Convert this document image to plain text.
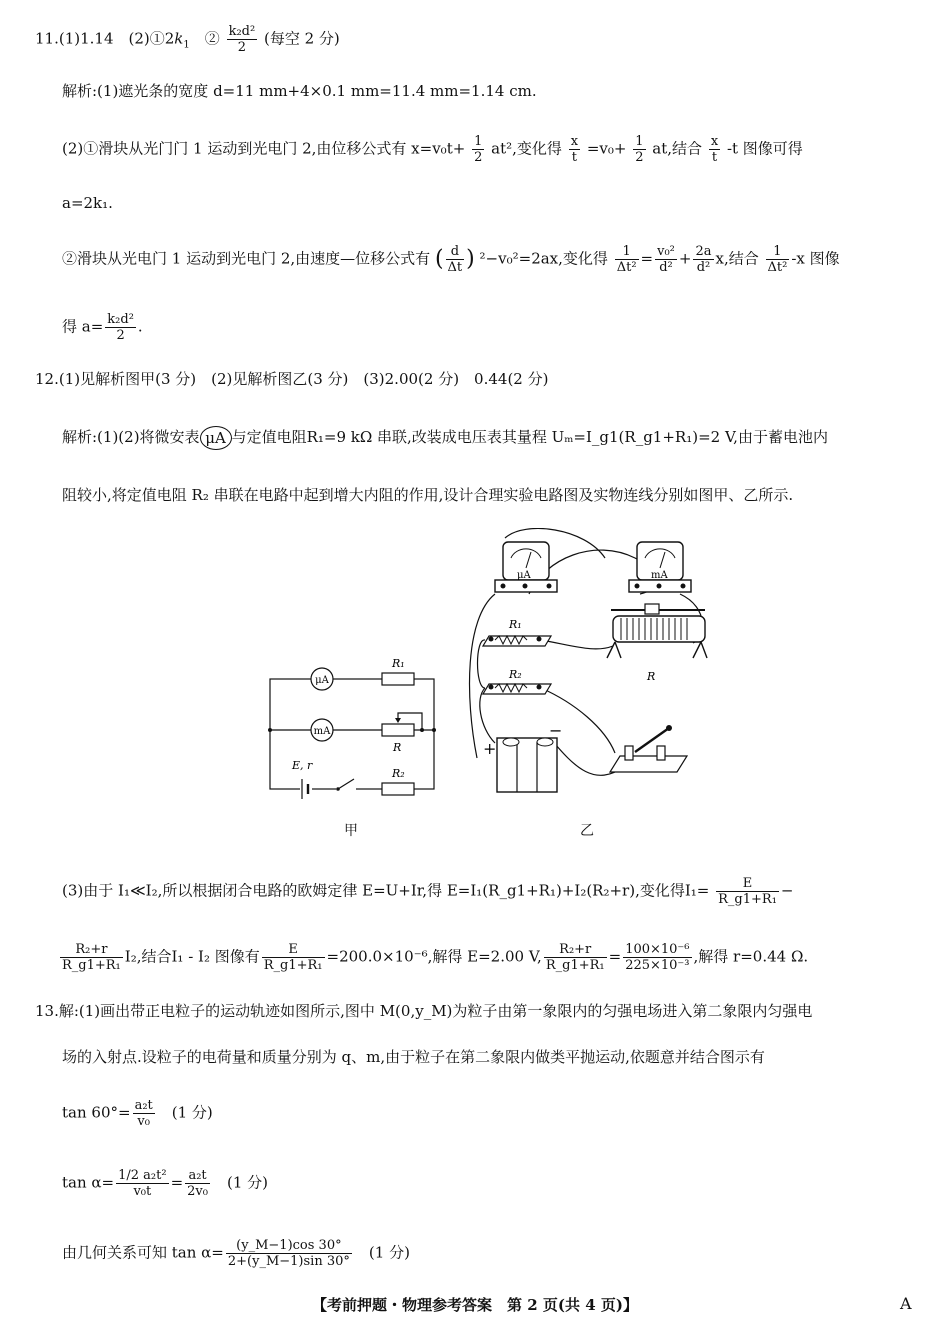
11.(1)1.14　$(2)①2k_1$　② $\frac{\text{k₂d²}}{2}$ (每空 2 分)
解析:(1)遮光条的宽度 d=11 mm+4×0.1 mm=11.4 mm=1.14 cm.
(2)①滑块从光门门 1 运动到光电门 2,由位移公式有 $x=v_0t+ \frac{1}{2} at^2$,变化得 $\frac{x}{t} =v_0+ \frac{1}{2}$ at,结合 $\frac{x}{t} -t$ 图像可得
a=2k₁.
②滑块从光电门 1 运动到光电门 2,由速度—位移公式有 ( $\frac{d}{\Delta t}$ ) ²−v₀²=2ax,变化得 $\frac{1}{\text{Δt²}} = \frac{\text{v₀²}}{\text{d²}} + \frac{2a}{\text{d²}} x$,结合 $\frac{1}{\text{Δt²}} -x$ 图像
得 $a= \frac{\text{k₂d²}}{2}$ .
12.(1)见解析图甲(3 分)　(2)见解析图乙(3 分)　(3)2.00(2 分)　0.44(2 分)
解析:(1)(2)将微安表 μA 与定值电阻R₁=9 kΩ 串联,改装成电压表其量程 Uₘ=I_g1(R_g1+R₁)=2 V,由于蓄电池内
阻较小,将定值电阻 R₂ 串联在电路中起到增大内阻的作用,设计合理实验电路图及实物连线分别如图甲、乙所示.
μA
R₁
mA
R
E, r
R₂
甲
μA	mA
R₁
R₂	R
+
−
乙
(3)由于 I₁≪I₂,所以根据闭合电路的欧姆定律 E=U+Ir,得 E=I₁(R_g1+R₁)+I₂(R₂+r),变化得$I_1= \frac{E}{\text{R\_g1+R₁}}$ −
$\frac{\text{R₂+r}}{\text{R\_g1+R₁}} I_2$,结合I₁ - I₂ 图像有 $\frac{E}{\text{R\_g1+R₁}} =200.0\times 10^{-6}$,解得 E=2.00 V, $\frac{\text{R₂+r}}{\text{R\_g1+R₁}} = \frac{\text{100×10⁻⁶}}{\text{225×10⁻³}}$ ,解得 r=0.44 Ω.
13.解:(1)画出带正电粒子的运动轨迹如图所示,图中 M(0,y_M)为粒子由第一象限内的匀强电场进入第二象限内匀强电
场的入射点.设粒子的电荷量和质量分别为 q、m,由于粒子在第二象限内做类平抛运动,依题意并结合图示有
$\tan 60^\circ= \frac{\text{a₂t}}{\text{v₀}}$
　 (1 分)
$\tan \alpha= \frac{\text{1/2 a₂t²}}{\text{v₀t}} = \frac{\text{a₂t}}{\text{2v₀}}$
　 (1 分)
由几何关系可知 $\tan \alpha= \frac{(y\_M-1)\cos 30^\circ}{2+(y\_M-1)\sin 30^\circ}$
　 (1 分)
【考前押题・物理参考答案　第 2 页(共 4 页)】	A
